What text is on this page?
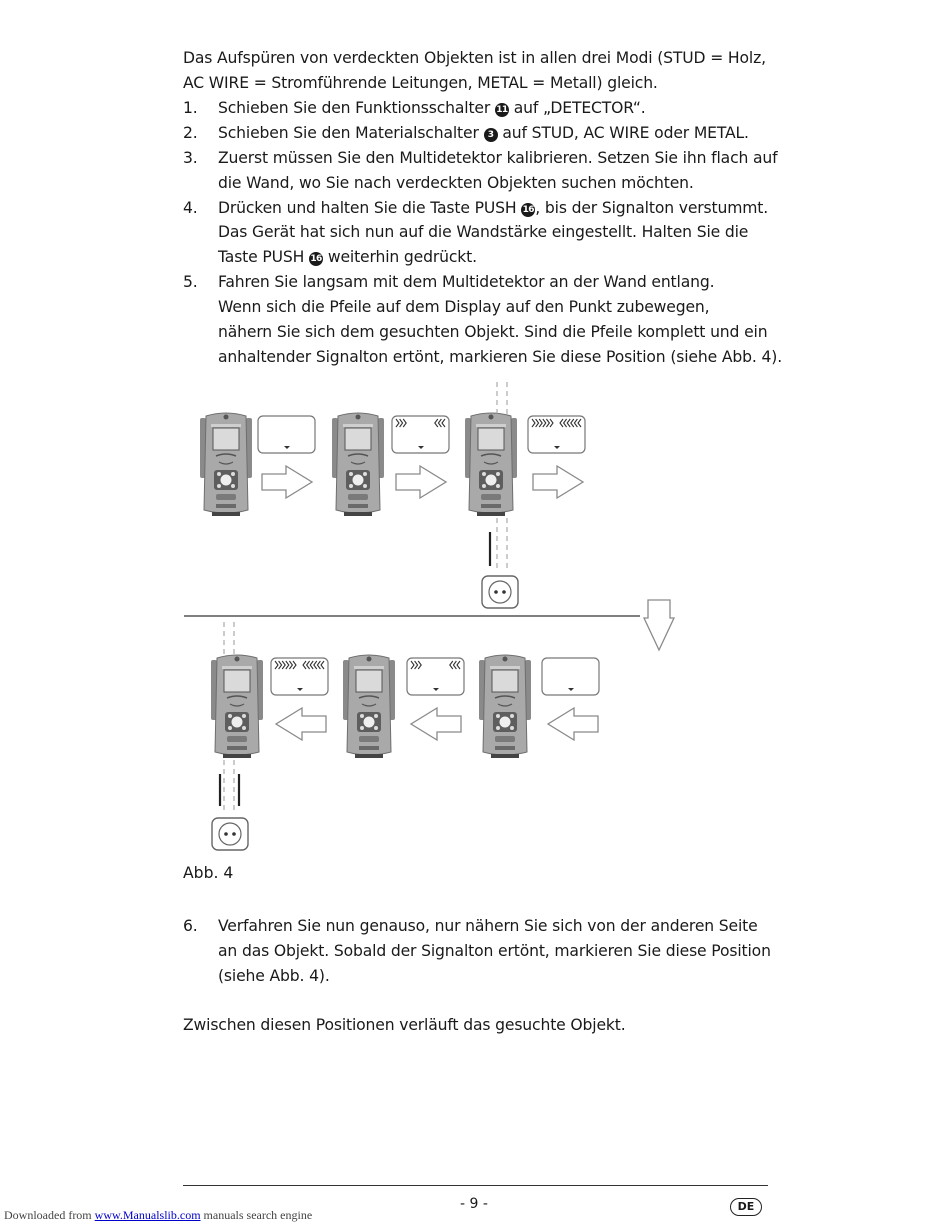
Das Aufspüren von verdeckten Objekten ist in allen drei Modi (STUD = Holz,
AC WIRE = Stromführende Leitungen, METAL = Metall) gleich.
1. Schieben Sie den Funktionsschalter 11 auf „DETECTOR“.
2. Schieben Sie den Materialschalter 3 auf STUD, AC WIRE oder METAL.
3. Zuerst müssen Sie den Multidetektor kalibrieren. Setzen Sie ihn flach auf
die Wand, wo Sie nach verdeckten Objekten suchen möchten.
4. Drücken und halten Sie die Taste PUSH 16, bis der Signalton verstummt.
Das Gerät hat sich nun auf die Wandstärke eingestellt. Halten Sie die
Taste PUSH 16 weiterhin gedrückt.
5. Fahren Sie langsam mit dem Multidetektor an der Wand entlang.
Wenn sich die Pfeile auf dem Display auf den Punkt zubewegen,
nähern Sie sich dem gesuchten Objekt. Sind die Pfeile komplett und ein
anhaltender Signalton ertönt, markieren Sie diese Position (siehe Abb. 4).
Abb. 4
6. Verfahren Sie nun genauso, nur nähern Sie sich von der anderen Seite
an das Objekt. Sobald der Signalton ertönt, markieren Sie diese Position
(siehe Abb. 4).
Zwischen diesen Positionen verläuft das gesuchte Objekt.
- 9 -	DE
Downloaded from www.Manualslib.com manuals search engine
